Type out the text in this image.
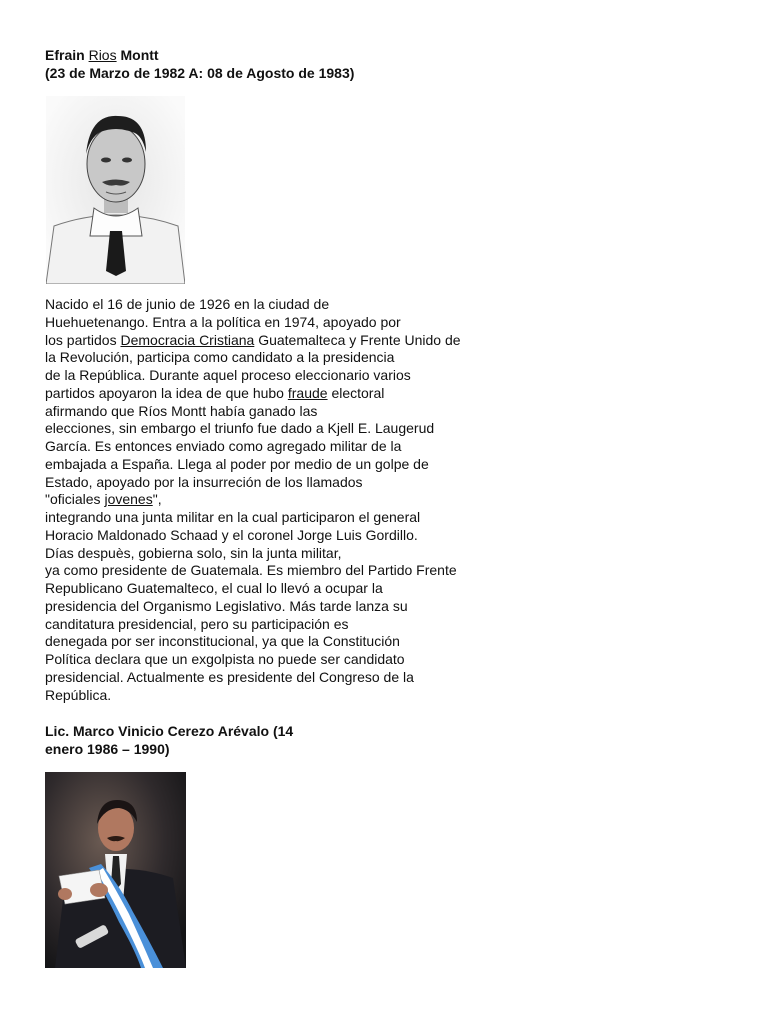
Efrain Rios Montt
(23 de Marzo de 1982 A: 08 de Agosto de 1983)

Nacido el 16 de junio de 1926 en la ciudad de
Huehuetenango. Entra a la política en 1974, apoyado por
los partidos Democracia Cristiana Guatemalteca y Frente Unido de
la Revolución, participa como candidato a la presidencia
de la República. Durante aquel proceso eleccionario varios
partidos apoyaron la idea de que hubo fraude electoral
afirmando que Ríos Montt había ganado las
elecciones, sin embargo el triunfo fue dado a Kjell E. Laugerud
García. Es entonces enviado como agregado militar de la
embajada a España. Llega al poder por medio de un golpe de
Estado, apoyado por la insurreción de los llamados
"oficiales jovenes",
integrando una junta militar en la cual participaron el general
Horacio Maldonado Schaad y el coronel Jorge Luis Gordillo.
Días despuès, gobierna solo, sin la junta militar,
ya como presidente de Guatemala. Es miembro del Partido Frente
Republicano Guatemalteco, el cual lo llevó a ocupar la
presidencia del Organismo Legislativo. Más tarde lanza su
canditatura presidencial, pero su participación es
denegada por ser inconstitucional, ya que la Constitución
Política declara que un exgolpista no puede ser candidato
presidencial. Actualmente es presidente del Congreso de la
República.

Lic. Marco Vinicio Cerezo Arévalo (14
enero 1986 – 1990)
